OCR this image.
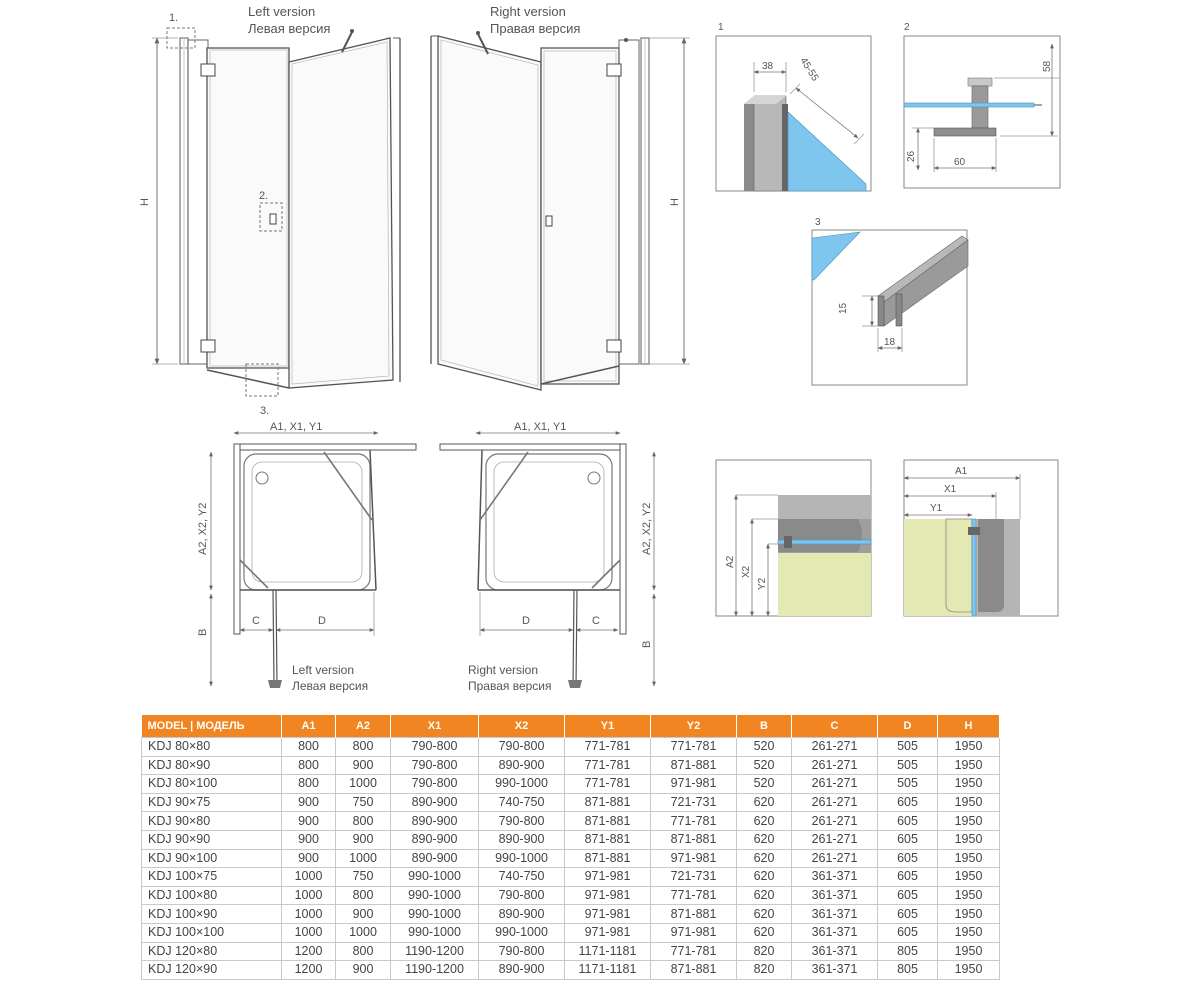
H
1.
2.
3.
Left version
Левая версия
H
Right version
Правая версия	1
38 45-55
2
58
26
60
3
15
18
A1, X1, Y1
A2, X2, Y2
B
C	D
Left version
Левая версия
A1, X1, Y1
A2, X2, Y2
B
D	C
Right version
Правая версия
A2
X2
Y2
A1
X1
Y1
MODEL | МОДЕЛЬ	A1	A2	X1	X2	Y1	Y2	B	C	D	H
KDJ 80×80	800	800	790-800	790-800	771-781	771-781	520	261-271	505	1950
KDJ 80×90	800	900	790-800	890-900	771-781	871-881	520	261-271	505	1950
KDJ 80×100	800	1000	790-800	990-1000	771-781	971-981	520	261-271	505	1950
KDJ 90×75	900	750	890-900	740-750	871-881	721-731	620	261-271	605	1950
KDJ 90×80	900	800	890-900	790-800	871-881	771-781	620	261-271	605	1950
KDJ 90×90	900	900	890-900	890-900	871-881	871-881	620	261-271	605	1950
KDJ 90×100	900	1000	890-900	990-1000	871-881	971-981	620	261-271	605	1950
KDJ 100×75	1000	750	990-1000	740-750	971-981	721-731	620	361-371	605	1950
KDJ 100×80	1000	800	990-1000	790-800	971-981	771-781	620	361-371	605	1950
KDJ 100×90	1000	900	990-1000	890-900	971-981	871-881	620	361-371	605	1950
KDJ 100×100	1000	1000	990-1000	990-1000	971-981	971-981	620	361-371	605	1950
KDJ 120×80	1200	800	1190-1200	790-800	1171-1181	771-781	820	361-371	805	1950
KDJ 120×90	1200	900	1190-1200	890-900	1171-1181	871-881	820	361-371	805	1950
